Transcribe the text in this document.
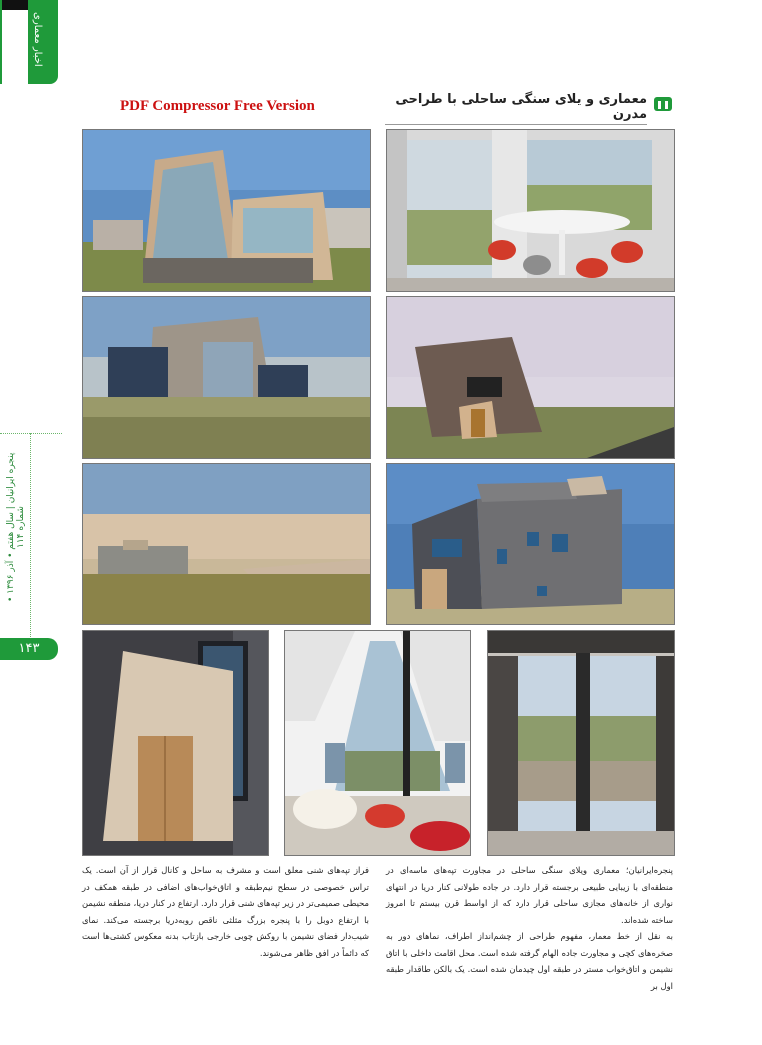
اخبار معماری
پنجره ایرانیان | سال هفتم • آذر ۱۳۹۶ • شماره ۱۱۴
۱۴۳
PDF Compressor Free Version	معماری و یلای سنگی ساحلی با طراحی مدرن

پنجره‌ایرانیان؛ معماری ویلای سنگی ساحلی در مجاورت تپه‌های ماسه‌ای در منطقه‌ای با زیبایی طبیعی برجسته قرار دارد. در جاده طولانی کنار دریا در انتهای نواری از خانه‌های مجازی ساحلی قرار دارد که از اواسط قرن بیستم تا امروز ساخته شده‌اند.

به نقل از خط معمار، مفهوم طراحی از چشم‌انداز اطراف، نماهای دور به صخره‌های کچی و مجاورت جاده الهام گرفته شده است. محل اقامت داخلی با اتاق نشیمن و اتاق‌خواب مستر در طبقه اول چیدمان شده است. یک بالکن طاقدار طبقه اول بر

فراز تپه‌های شنی معلق است و مشرف به ساحل و کانال قرار از آن است. یک تراس خصوصی در سطح نیم‌طبقه و اتاق‌خواب‌های اضافی در طبقه همکف در محیطی صمیمی‌تر در زیر تپه‌های شنی قرار دارد. ارتفاع در کنار دریا، منطقه نشیمن با ارتفاع دوبل را با پنجره بزرگ مثلثی ناقص روبه‌دریا برجسته می‌کند. نمای شیب‌دار فضای نشیمن با روکش چوبی خارجی بازتاب بدنه معکوس کشتی‌ها است که دائماً در افق ظاهر می‌شوند.
